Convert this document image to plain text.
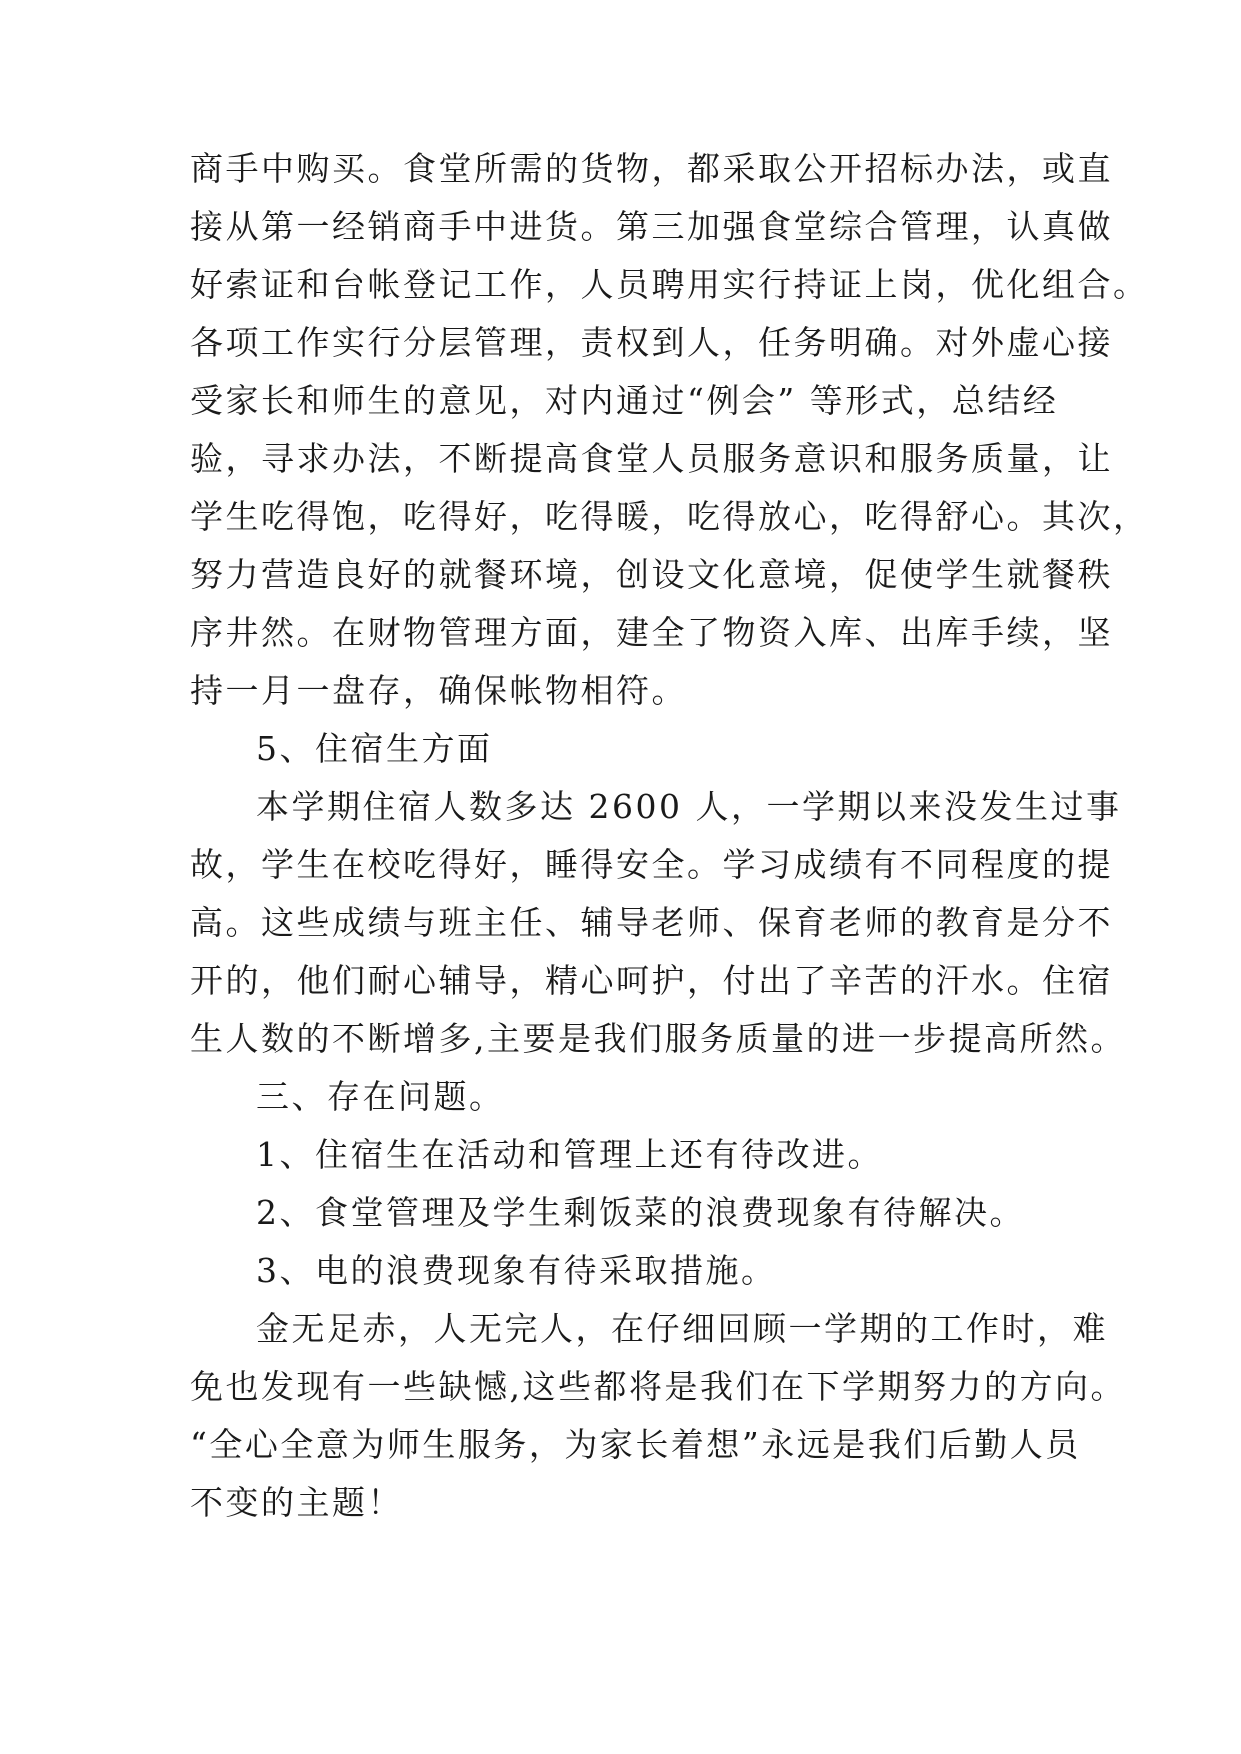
商手中购买。食堂所需的货物，都采取公开招标办法，或直

接从第一经销商手中进货。第三加强食堂综合管理，认真做

好索证和台帐登记工作，人员聘用实行持证上岗，优化组合。

各项工作实行分层管理，责权到人，任务明确。对外虚心接

受家长和师生的意见，对内通过“例会” 等形式，总结经

验，寻求办法，不断提高食堂人员服务意识和服务质量，让

学生吃得饱，吃得好，吃得暖，吃得放心，吃得舒心。其次，

努力营造良好的就餐环境，创设文化意境，促使学生就餐秩

序井然。在财物管理方面，建全了物资入库、出库手续，坚

持一月一盘存，确保帐物相符。

5、住宿生方面

本学期住宿人数多达 2600 人，一学期以来没发生过事

故，学生在校吃得好，睡得安全。学习成绩有不同程度的提

高。这些成绩与班主任、辅导老师、保育老师的教育是分不

开的，他们耐心辅导，精心呵护，付出了辛苦的汗水。住宿

生人数的不断增多,主要是我们服务质量的进一步提高所然。

三、存在问题。

1、住宿生在活动和管理上还有待改进。

2、食堂管理及学生剩饭菜的浪费现象有待解决。

3、电的浪费现象有待采取措施。

金无足赤，人无完人，在仔细回顾一学期的工作时，难

免也发现有一些缺憾,这些都将是我们在下学期努力的方向。

“全心全意为师生服务，为家长着想”永远是我们后勤人员

不变的主题！
